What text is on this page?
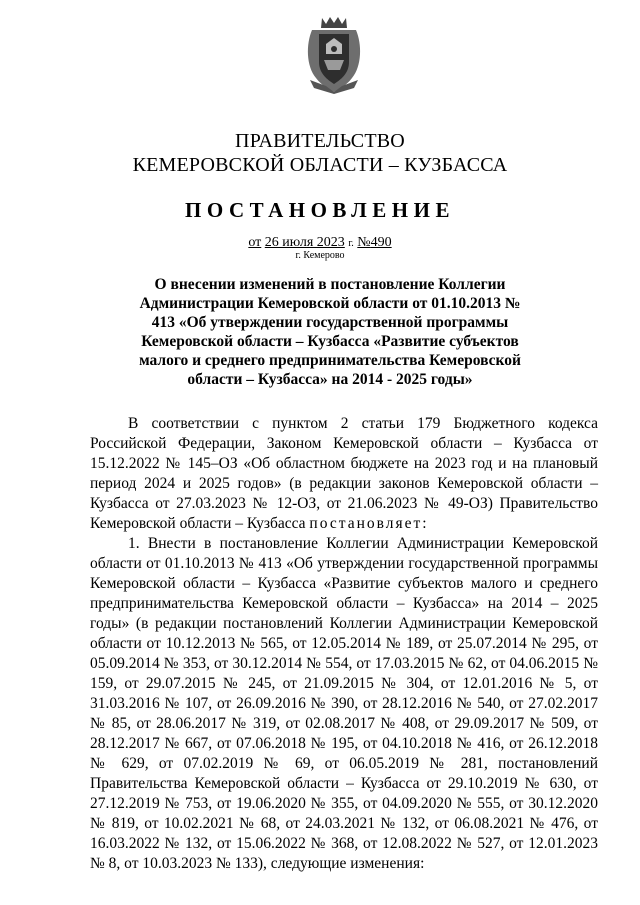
ПРАВИТЕЛЬСТВО
КЕМЕРОВСКОЙ ОБЛАСТИ – КУЗБАССА
ПОСТАНОВЛЕНИЕ
от 26 июля 2023 г. №490
г. Кемерово
О внесении изменений в постановление Коллегии Администрации Кемеровской области от 01.10.2013 № 413 «Об утверждении государственной программы Кемеровской области – Кузбасса «Развитие субъектов малого и среднего предпринимательства Кемеровской области – Кузбасса» на 2014 - 2025 годы»

В соответствии с пунктом 2 статьи 179 Бюджетного кодекса Российской Федерации, Законом Кемеровской области – Кузбасса от 15.12.2022 № 145–ОЗ «Об областном бюджете на 2023 год и на плановый период 2024 и 2025 годов» (в редакции законов Кемеровской области – Кузбасса от 27.03.2023 № 12-ОЗ, от 21.06.2023 № 49-ОЗ) Правительство Кемеровской области – Кузбасса постановляет:

1. Внести в постановление Коллегии Администрации Кемеровской области от 01.10.2013 № 413 «Об утверждении государственной программы Кемеровской области – Кузбасса «Развитие субъектов малого и среднего предпринимательства Кемеровской области – Кузбасса» на 2014 – 2025 годы» (в редакции постановлений Коллегии Администрации Кемеровской области от 10.12.2013 № 565, от 12.05.2014 № 189, от 25.07.2014 № 295, от 05.09.2014 № 353, от 30.12.2014 № 554, от 17.03.2015 № 62, от 04.06.2015 № 159, от 29.07.2015 № 245, от 21.09.2015 № 304, от 12.01.2016 № 5, от 31.03.2016 № 107, от 26.09.2016 № 390, от 28.12.2016 № 540, от 27.02.2017 № 85, от 28.06.2017 № 319, от 02.08.2017 № 408, от 29.09.2017 № 509, от 28.12.2017 № 667, от 07.06.2018 № 195, от 04.10.2018 № 416, от 26.12.2018 № 629, от 07.02.2019 № 69, от 06.05.2019 № 281, постановлений Правительства Кемеровской области – Кузбасса от 29.10.2019 № 630, от 27.12.2019 № 753, от 19.06.2020 № 355, от 04.09.2020 № 555, от 30.12.2020 № 819, от 10.02.2021 № 68, от 24.03.2021 № 132, от 06.08.2021 № 476, от 16.03.2022 № 132, от 15.06.2022 № 368, от 12.08.2022 № 527, от 12.01.2023 № 8, от 10.03.2023 № 133), следующие изменения:
